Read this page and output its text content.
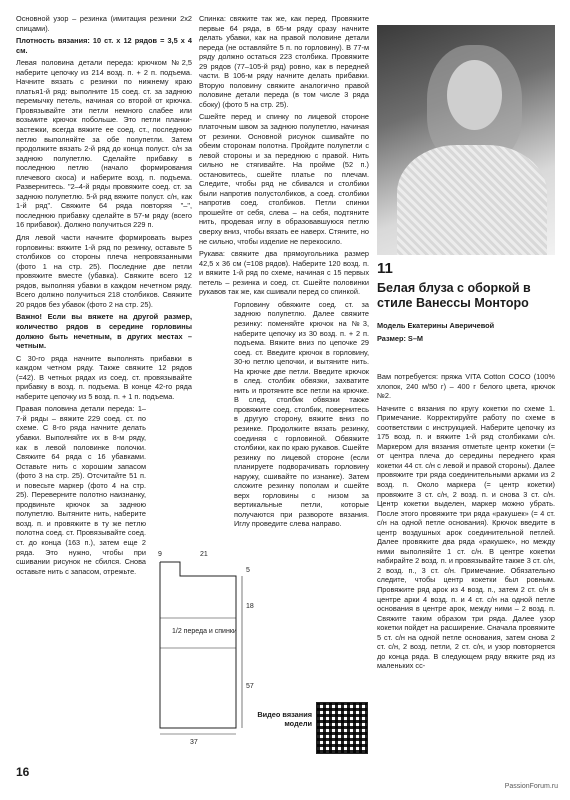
Основной узор – резинка (имитация резинки 2х2 спицами).

Плотность вязания: 10 ст. х 12 рядов = 3,5 х 4 см.

Левая половина детали переда: крючком №2,5 наберите цепочку из 214 возд. п. + 2 п. подъема. Начните вязать с резинки по нижнему краю платья1-й ряд: выполните 15 соед. ст. за заднюю перемычку петель, начиная со второй от крючка. Провязывайте эти петли немного слабее или возьмите крючок побольше. Это петли планки-застежки, всегда вяжите ее соед. ст., последнюю петлю выполняйте за обе полупетли. Затем продолжите вязать 2-й ряд до конца полуст. с/н за заднюю полупетлю. Сделайте прибавку в последнюю петлю (начало формирования плечевого скоса) и наберите возд. п. подъема. Развернитесь. "2–4-й ряды провяжите соед. ст. за заднюю полупетлю. 5-й ряд вяжите полуст. с/н, как 1-й ряд". Свяжите 64 ряда повторяя "–", последнюю прибавку сделайте в 57-м ряду (всего 16 прибавок). Должно получиться 229 п.

Для левой части начните формировать вырез горловины: вяжите 1-й ряд по резинку, оставьте 5 столбиков со стороны плеча непровязанными (фото 1 на стр. 25). Последние две петли провяжите вместе (убавка). Свяжите всего 12 рядов, выполняя убавки в каждом нечетном ряду. Всего должно получиться 218 столбиков. Свяжите 20 рядов без убавок (фото 2 на стр. 25).

Важно! Если вы вяжете на другой размер, количество рядов в середине горловины должно быть нечетным, в других местах – четным.

С 30-го ряда начните выполнять прибавки в каждом четном ряду. Также свяжите 12 рядов (=42). В четных рядах из соед. ст. провязывайте прибавку в возд. п. подъема. В конце 42-го ряда наберите цепочку из 5 возд. п. + 1 п. подъема.

Правая половина детали переда: 1–7-й ряды – вяжите 229 соед. ст. по схеме. С 8-го ряда начните делать убавки. Выполняйте их в 8-м ряду, как в левой половинке полочки. Свяжите 64 ряда с 16 убавками. Оставьте нить с хорошим запасом (фото 3 на стр. 25). Отсчитайте 51 п. и повесьте маркер (фото 4 на стр. 25). Переверните полотно наизнанку, продвиньте крючок за заднюю полупетлю. Вытяните нить, наберите возд. п. и провяжите в ту же петлю полотна соед. ст. Провязывайте соед. ст. до конца (163 п.), затем еще 2 ряда. Это нужно, чтобы при сшивании рисунок не сбился. Снова оставьте нить с запасом, отрежьте.

9	21
5
18
57
37
1/2 переда и спинки

Спинка: свяжите так же, как перед. Провяжите первые 64 ряда, в 65-м ряду сразу начните делать убавки, как на правой половине детали переда (не оставляйте 5 п. по горловину). В 77-м ряду должно остаться 223 столбика. Провяжите 29 рядов (77–105-й ряд) ровно, как в передней части. В 106-м ряду начните делать прибавки. Вторую половину свяжите аналогично правой половине детали переда (в том числе 3 ряда сбоку) (фото 5 на стр. 25).

Сшейте перед и спинку по лицевой стороне платочным швом за заднюю полупетлю, начиная от резинки. Основной рисунок сшивайте по обеим сторонам полотна. Пройдите полупетли с левой стороны и за переднюю с правой. Нить сильно не стягивайте. На пройме (52 п.) остановитесь, сшейте платье по плечам. Следите, чтобы ряд не сбивался и столбики были напротив полустолбиков, а соед. столбики напротив соед. столбиков. Петли спинки прошейте от себя, слева – на себя, подтяните нить, продевая иглу в образовавшуюся петлю сверху вниз, чтобы вязать ее наверх. Стяните, но не сильно, чтобы изделие не перекосило.

Рукава: свяжите два прямоугольника размер 42,5 х 36 см (=108 рядов). Наберите 120 возд. п. и вяжите 1-й ряд по схеме, начиная с 15 первых петель – резинка и соед. ст. Сшейте половинки рукавов так же, как сшивали перед со спинкой.

Горловину обвяжите соед. ст. за заднюю полупетлю. Далее свяжите резинку: поменяйте крючок на №3, наберите цепочку из 30 возд. п. + 2 п. подъема. Вяжите вниз по цепочке 29 соед. ст. Введите крючок в горловину, 30-ю петлю цепочки, и вытяните нить. На крючке две петли. Введите крючок в след. столбик обвязки, захватите нить и протяните все петли на крючке. В след. столбик обвязки также провяжите соед. столбик, повернитесь в другую сторону, вяжите вниз по резинке. Продолжите вязать резинку, соединяя с горловиной. Обвяжите столбики, как по краю рукавов. Сшейте резинку по лицевой стороне (если планируете подворачивать горловину наружу, сшивайте по изнанке). Затем сложите резинку пополам и сшейте верх горловины с низом за вертикальные петли, которые получаются при развороте вязания. Иглу проведите слева направо.

Видео вязания модели
11
Белая блуза с оборкой в стиле Ванессы Монторо
Модель Екатерины Аверичевой
Размер: S–M

Вам потребуется: пряжа VITA Cotton COCO (100% хлопок, 240 м/50 г) – 400 г белого цвета, крючок №2.

Начните с вязания по кругу кокетки по схеме 1. Примечание. Корректируйте работу по схеме в соответствии с инструкцией. Наберите цепочку из 175 возд. п. и вяжите 1-й ряд столбиками с/н. Маркером для вязания отметьте центр кокетки (= от центра плеча до середины переднего края кокетки 44 ст. с/н с левой и правой стороны). Далее провяжите три ряда соединительными арками из 2 возд. п. Около маркера (= центр кокетки) провяжите 3 ст. с/н, 2 возд. п. и снова 3 ст. с/н. Центр кокетки выделен, маркер можно убрать. После этого провяжите три ряда «ракушек» (= 4 ст. с/н на одной петле основания). Крючок введите в центр воздушных арок соединительной петлей. Далее провяжите два ряда «ракушек», но между ними выполняйте 1 ст. с/н. В центре кокетки набирайте 2 возд. п. и провязывайте также 3 ст. с/н, 2 возд. п., 3 ст. с/н. Примечание. Обязательно следите, чтобы центр кокетки был ровным. Провяжите ряд арок из 4 возд. п., затем 2 ст. с/н в центре арки 4 возд. п. и 4 ст. с/н на одной петле основания в центре арок, между ними – 2 возд. п. Свяжите таким образом три ряда. Далее узор кокетки пойдет на расширение. Сначала провяжите 5 ст. с/н на одной петле основания, затем снова 2 ст. с/н, 2 возд. петли, 2 ст. с/н, и узор повторяется до конца ряда. В следующем ряду вяжите ряд из маленьких сс-

16
PassionForum.ru
